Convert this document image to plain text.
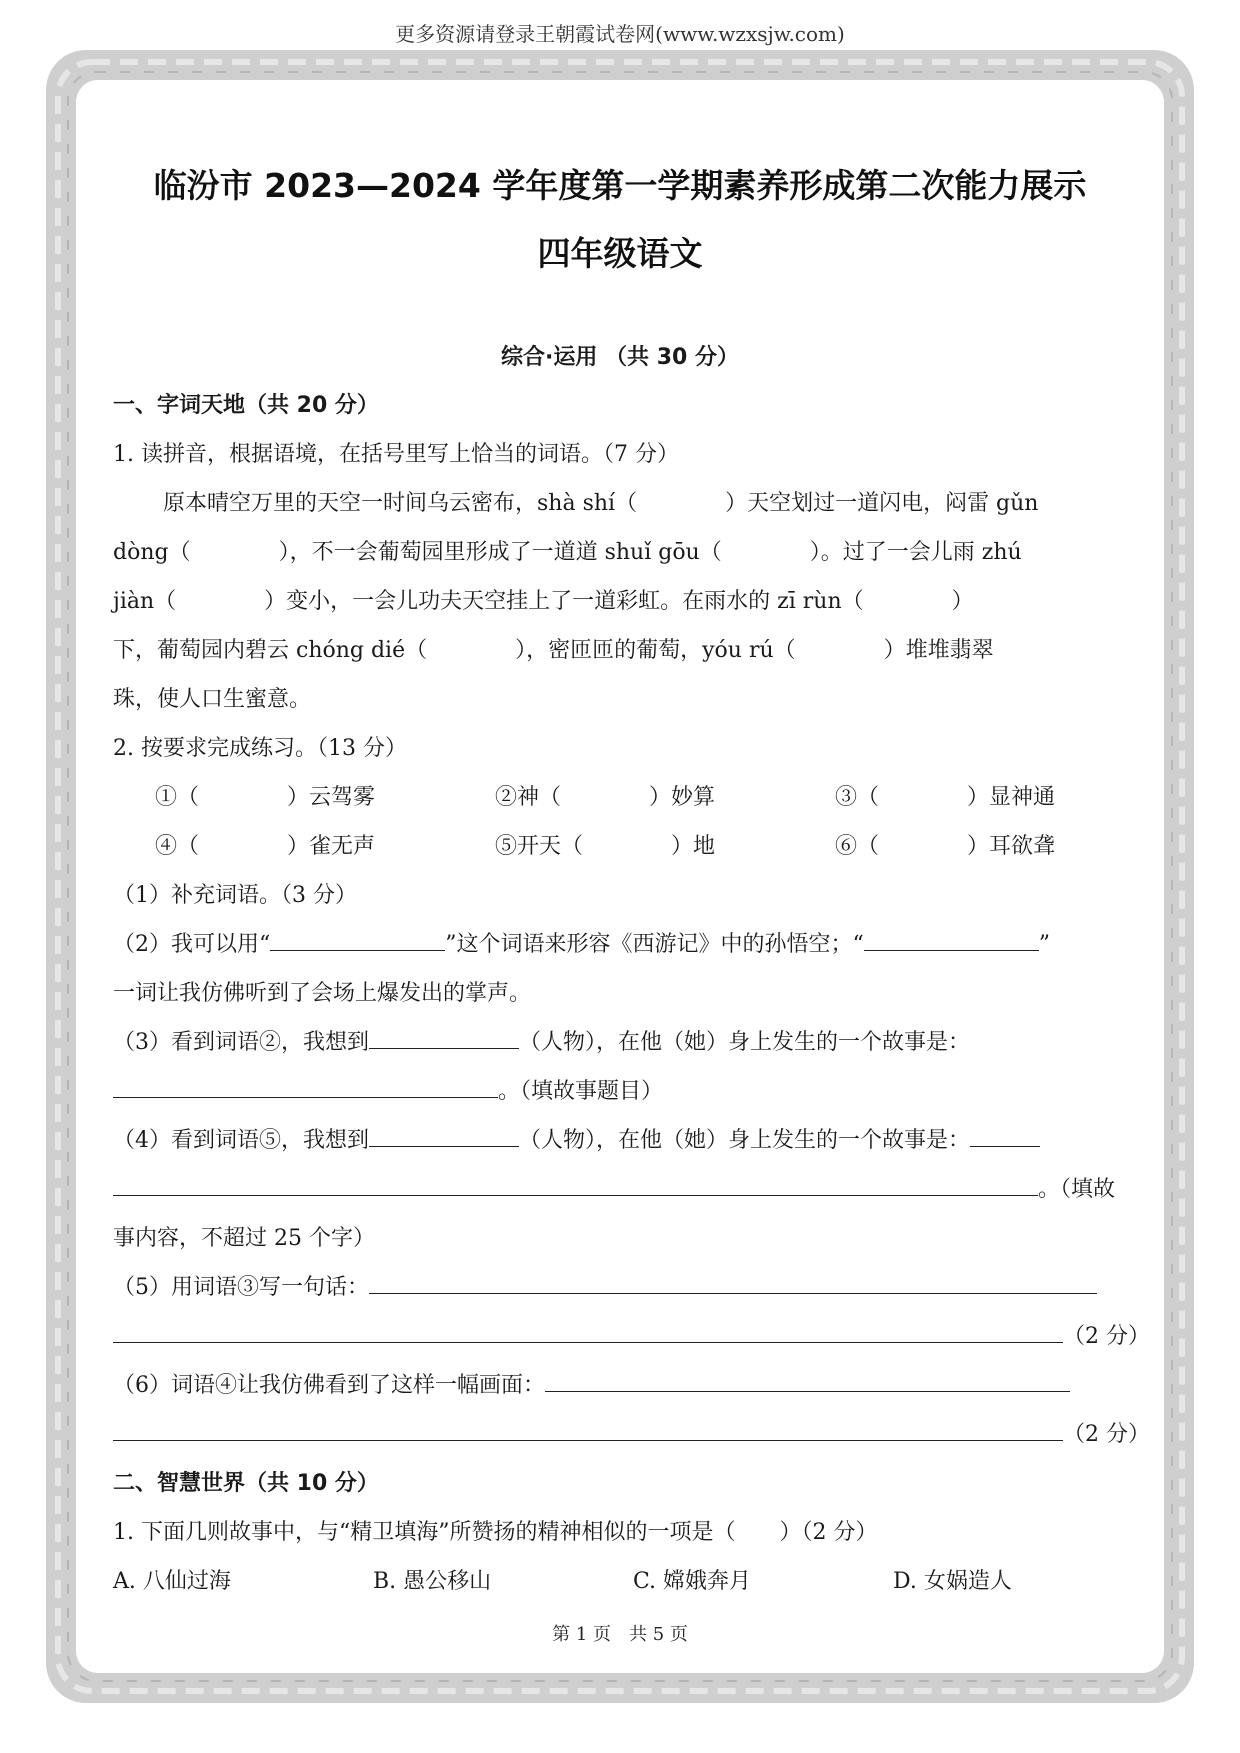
更多资源请登录王朝霞试卷网(www.wzxsjw.com)
临汾市 2023—2024 学年度第一学期素养形成第二次能力展示
四年级语文
综合·运用 （共 30 分）
一、字词天地（共 20 分）
1. 读拼音，根据语境，在括号里写上恰当的词语。（7 分）
原本晴空万里的天空一时间乌云密布，shà shí（　　　　）天空划过一道闪电，闷雷 gǔn
dòng（　　　　），不一会葡萄园里形成了一道道 shuǐ gōu（　　　　）。过了一会儿雨 zhú
jiàn（　　　　）变小，一会儿功夫天空挂上了一道彩虹。在雨水的 zī rùn（　　　　）
下，葡萄园内碧云 chóng dié（　　　　），密匝匝的葡萄，yóu rú（　　　　）堆堆翡翠
珠，使人口生蜜意。
2. 按要求完成练习。（13 分）
①（　　　　）云驾雾	②神（　　　　）妙算	③（　　　　）显神通
④（　　　　）雀无声	⑤开天（　　　　）地	⑥（　　　　）耳欲聋
（1）补充词语。（3 分）
（2）我可以用“	”这个词语来形容《西游记》中的孙悟空；“	”
一词让我仿佛听到了会场上爆发出的掌声。
（3）看到词语②，我想到	（人物），在他（她）身上发生的一个故事是：
。（填故事题目）
（4）看到词语⑤，我想到	（人物），在他（她）身上发生的一个故事是：
。（填故
事内容，不超过 25 个字）
（5）用词语③写一句话：
（2 分）
（6）词语④让我仿佛看到了这样一幅画面：
（2 分）
二、智慧世界（共 10 分）
1. 下面几则故事中，与“精卫填海”所赞扬的精神相似的一项是（　　）（2 分）
A. 八仙过海	B. 愚公移山	C. 嫦娥奔月	D. 女娲造人
第 1 页　共 5 页
